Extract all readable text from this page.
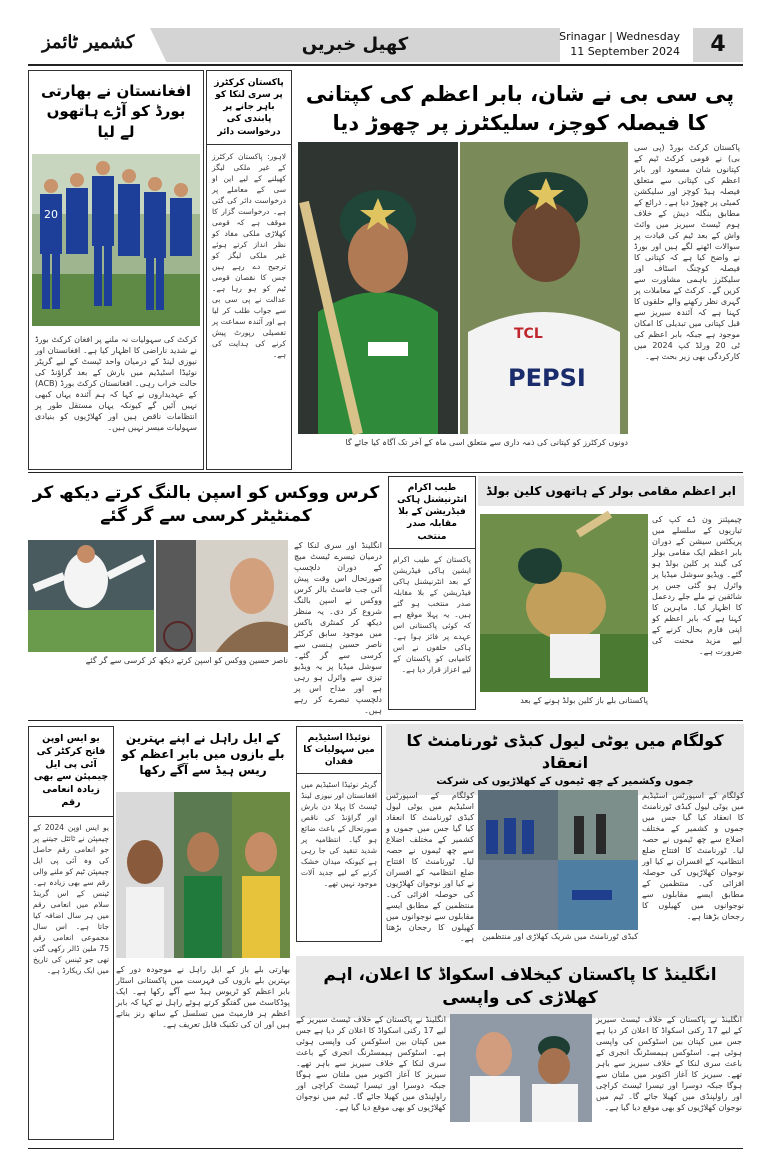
کشمیر ٹائمز	کھیل خبریں	Srinagar | Wednesday
11 September 2024	4
افغانستان نے بھارتی بورڈ کو آڑے ہاتھوں لے لیا
20
کرکٹ کی سہولیات نہ ملنے پر افغان کرکٹ بورڈ نے شدید ناراضی کا اظہار کیا ہے۔ افغانستان اور نیوزی لینڈ کے درمیان واحد ٹیسٹ کے لیے گریٹر نوئیڈا اسٹیڈیم میں بارش کے بعد گراؤنڈ کی حالت خراب رہی۔ افغانستان کرکٹ بورڈ (ACB) کے عہدیداروں نے کہا کہ ہم آئندہ یہاں کبھی نہیں آئیں گے کیونکہ یہاں مستقل طور پر انتظامات ناقص ہیں اور کھلاڑیوں کو بنیادی سہولیات میسر نہیں ہیں۔
پاکستان کرکٹرز پر سری لنکا کو باہر جانے پر پابندی کی درخواست دائر
لاہور: پاکستان کرکٹرز کے غیر ملکی لیگز کھیلنے کے لیے این او سی کے معاملے پر درخواست دائر کی گئی ہے۔ درخواست گزار کا موقف ہے کہ قومی کھلاڑی ملکی مفاد کو نظر انداز کرتے ہوئے غیر ملکی لیگز کو ترجیح دے رہے ہیں جس کا نقصان قومی ٹیم کو ہو رہا ہے۔ عدالت نے پی سی بی سے جواب طلب کر لیا ہے اور آئندہ سماعت پر تفصیلی رپورٹ پیش کرنے کی ہدایت کی ہے۔
پی سی بی نے شان، بابر اعظم کی کپتانی کا فیصلہ کوچز، سلیکٹرز پر چھوڑ دیا
PEPSI
TCL
دونوں کرکٹرز کو کپتانی کی ذمہ داری سے متعلق اسی ماہ کے آخر تک آگاہ کیا جائے گا
پاکستان کرکٹ بورڈ (پی سی بی) نے قومی کرکٹ ٹیم کے کپتانوں شان مسعود اور بابر اعظم کی کپتانی سے متعلق فیصلہ ہیڈ کوچز اور سلیکشن کمیٹی پر چھوڑ دیا ہے۔ ذرائع کے مطابق بنگلہ دیش کے خلاف ہوم ٹیسٹ سیریز میں وائٹ واش کے بعد ٹیم کی قیادت پر سوالات اٹھنے لگے ہیں اور بورڈ نے واضح کیا ہے کہ کپتانی کا فیصلہ کوچنگ اسٹاف اور سلیکٹرز باہمی مشاورت سے کریں گے۔ کرکٹ کے معاملات پر گہری نظر رکھنے والے حلقوں کا کہنا ہے کہ آئندہ سیریز سے قبل کپتانی میں تبدیلی کا امکان موجود ہے جبکہ بابر اعظم کی ٹی 20 ورلڈ کپ 2024 میں کارکردگی بھی زیر بحث ہے۔
کرس ووکس کو اسپن بالنگ کرتے دیکھ کر کمنٹیٹر کرسی سے گر گئے
ناصر حسین ووکس کو اسپن کرتے دیکھ کر کرسی سے گر گئے
انگلینڈ اور سری لنکا کے درمیان تیسرے ٹیسٹ میچ کے دوران دلچسپ صورتحال اس وقت پیش آئی جب فاسٹ بالر کرس ووکس نے اسپن بالنگ شروع کر دی۔ یہ منظر دیکھ کر کمنٹری باکس میں موجود سابق کرکٹر ناصر حسین ہنسی سے کرسی سے گر گئے۔ سوشل میڈیا پر یہ ویڈیو تیزی سے وائرل ہو رہی ہے اور مداح اس پر دلچسپ تبصرے کر رہے ہیں۔
طیب اکرام انٹرنیشنل ہاکی فیڈریشن کے بلا مقابلہ صدر منتخب
پاکستان کے طیب اکرام ایشین ہاکی فیڈریشن کے بعد انٹرنیشنل ہاکی فیڈریشن کے بلا مقابلہ صدر منتخب ہو گئے ہیں۔ یہ پہلا موقع ہے کہ کوئی پاکستانی اس عہدے پر فائز ہوا ہے۔ ہاکی حلقوں نے اس کامیابی کو پاکستان کے لیے اعزاز قرار دیا ہے۔
ابر اعظم مقامی بولر کے ہاتھوں کلین بولڈ
پاکستانی بلے باز کلین بولڈ ہونے کے بعد
چیمپئنز ون ڈے کپ کی تیاریوں کے سلسلے میں پریکٹس سیشن کے دوران بابر اعظم ایک مقامی بولر کی گیند پر کلین بولڈ ہو گئے۔ ویڈیو سوشل میڈیا پر وائرل ہو گئی جس پر شائقین نے ملے جلے ردعمل کا اظہار کیا۔ ماہرین کا کہنا ہے کہ بابر اعظم کو اپنی فارم بحال کرنے کے لیے مزید محنت کی ضرورت ہے۔
یو ایس اوپن فاتح کرکٹر کی آئی پی ایل چیمپئن سے بھی زیادہ انعامی رقم
یو ایس اوپن 2024 کے چیمپئن نے ٹائٹل جیتنے پر جو انعامی رقم حاصل کی وہ آئی پی ایل چیمپئن ٹیم کو ملنے والی رقم سے بھی زیادہ ہے۔ ٹینس کے اس گرینڈ سلام میں انعامی رقم میں ہر سال اضافہ کیا جاتا ہے۔ اس سال مجموعی انعامی رقم 75 ملین ڈالر رکھی گئی تھی جو ٹینس کی تاریخ میں ایک ریکارڈ ہے۔
کے ایل راہل نے اپنے بہترین بلے بازوں میں بابر اعظم کو ریس ہیڈ سے آگے رکھا
بھارتی بلے باز کے ایل راہل نے موجودہ دور کے بہترین بلے بازوں کی فہرست میں پاکستانی اسٹار بابر اعظم کو ٹریوس ہیڈ سے آگے رکھا ہے۔ ایک پوڈکاسٹ میں گفتگو کرتے ہوئے راہل نے کہا کہ بابر اعظم ہر فارمیٹ میں تسلسل کے ساتھ رنز بناتے ہیں اور ان کی تکنیک قابل تعریف ہے۔
نوئیڈا اسٹیڈیم میں سہولیات کا فقدان
گریٹر نوئیڈا اسٹیڈیم میں افغانستان اور نیوزی لینڈ ٹیسٹ کا پہلا دن بارش اور گراؤنڈ کی ناقص صورتحال کے باعث ضائع ہو گیا۔ انتظامیہ پر شدید تنقید کی جا رہی ہے کیونکہ میدان خشک کرنے کے لیے جدید آلات موجود نہیں تھے۔
کولگام میں یوٹی لیول کبڈی ٹورنامنٹ کا انعقاد
جموں وکشمیر کے چھ ٹیموں کے کھلاڑیوں کی شرکت
کولگام کے اسپورٹس اسٹیڈیم میں یوٹی لیول کبڈی ٹورنامنٹ کا انعقاد کیا گیا جس میں جموں و کشمیر کے مختلف اضلاع سے چھ ٹیموں نے حصہ لیا۔ ٹورنامنٹ کا افتتاح ضلع انتظامیہ کے افسران نے کیا اور نوجوان کھلاڑیوں کی حوصلہ افزائی کی۔ منتظمین کے مطابق ایسے مقابلوں سے نوجوانوں میں کھیلوں کا رجحان بڑھتا ہے۔	کبڈی ٹورنامنٹ میں شریک کھلاڑی اور منتظمین
کولگام کے اسپورٹس اسٹیڈیم میں یوٹی لیول کبڈی ٹورنامنٹ کا انعقاد کیا گیا جس میں جموں و کشمیر کے مختلف اضلاع سے چھ ٹیموں نے حصہ لیا۔ ٹورنامنٹ کا افتتاح ضلع انتظامیہ کے افسران نے کیا اور نوجوان کھلاڑیوں کی حوصلہ افزائی کی۔ منتظمین کے مطابق ایسے مقابلوں سے نوجوانوں میں کھیلوں کا رجحان بڑھتا ہے۔
انگلینڈ کا پاکستان کیخلاف اسکواڈ کا اعلان، اہم کھلاڑی کی واپسی
انگلینڈ نے پاکستان کے خلاف ٹیسٹ سیریز کے لیے 17 رکنی اسکواڈ کا اعلان کر دیا ہے جس میں کپتان بین اسٹوکس کی واپسی ہوئی ہے۔ اسٹوکس ہیمسٹرنگ انجری کے باعث سری لنکا کے خلاف سیریز سے باہر تھے۔ سیریز کا آغاز اکتوبر میں ملتان سے ہوگا جبکہ دوسرا اور تیسرا ٹیسٹ کراچی اور راولپنڈی میں کھیلا جائے گا۔ ٹیم میں نوجوان کھلاڑیوں کو بھی موقع دیا گیا ہے۔
انگلینڈ نے پاکستان کے خلاف ٹیسٹ سیریز کے لیے 17 رکنی اسکواڈ کا اعلان کر دیا ہے جس میں کپتان بین اسٹوکس کی واپسی ہوئی ہے۔ اسٹوکس ہیمسٹرنگ انجری کے باعث سری لنکا کے خلاف سیریز سے باہر تھے۔ سیریز کا آغاز اکتوبر میں ملتان سے ہوگا جبکہ دوسرا اور تیسرا ٹیسٹ کراچی اور راولپنڈی میں کھیلا جائے گا۔ ٹیم میں نوجوان کھلاڑیوں کو بھی موقع دیا گیا ہے۔
